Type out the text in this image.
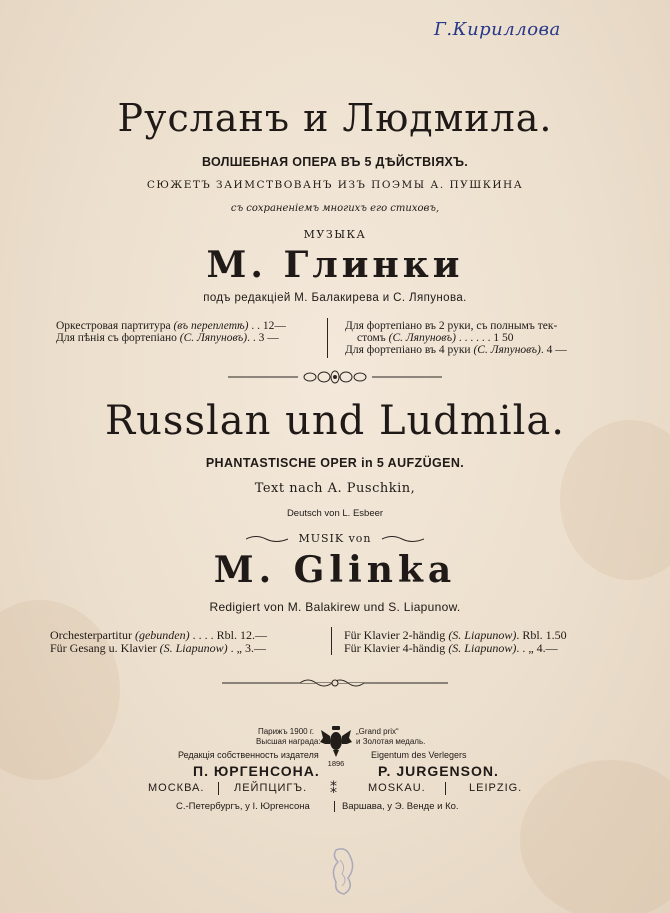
Г.Кириллова
Русланъ и Людмила.
ВОЛШЕБНАЯ ОПЕРА ВЪ 5 ДѢЙСТВІЯХЪ.
СЮЖЕТЪ ЗАИМСТВОВАНЪ ИЗЪ ПОЭМЫ А. ПУШКИНА
съ сохраненіемъ многихъ его стиховъ,
МУЗЫКА
М. Глинки
подъ редакціей М. Балакирева и С. Ляпунова.
Оркестровая партитура (въ переплетѣ) . . 12—
Для пѣнія съ фортепіано (С. Ляпуновъ). . 3 —
Для фортепіано въ 2 руки, съ полнымъ тек-
стомъ (С. Ляпуновъ) . . . . . . 1 50
Для фортепіано въ 4 руки (С. Ляпуновъ). 4 —
Russlan und Ludmila.
PHANTASTISCHE OPER in 5 AUFZÜGEN.
Text nach A. Puschkin,
Deutsch von L. Esbeer
MUSIK von
M. Glinka
Redigiert von M. Balakirew und S. Liapunow.
Orchesterpartitur (gebunden) . . . . Rbl. 12.—
Für Gesang u. Klavier (S. Liapunow) . „ 3.—
Für Klavier 2-händig (S. Liapunow). Rbl. 1.50
Für Klavier 4-händig (S. Liapunow). . „ 4.—
Парижъ 1900 г.
Высшая награда:
1896
„Grand prix“
и Золотая медаль.
Редакція собственность издателя	Eigentum des Verlegers
П. ЮРГЕНСОНА.	P. JURGENSON.
МОСКВА.	ЛЕЙПЦИГЪ. ⁑	MOSKAU.	LEIPZIG.
С.-Петербургъ, у І. Юргенсона	Варшава, у Э. Венде и Ко.
